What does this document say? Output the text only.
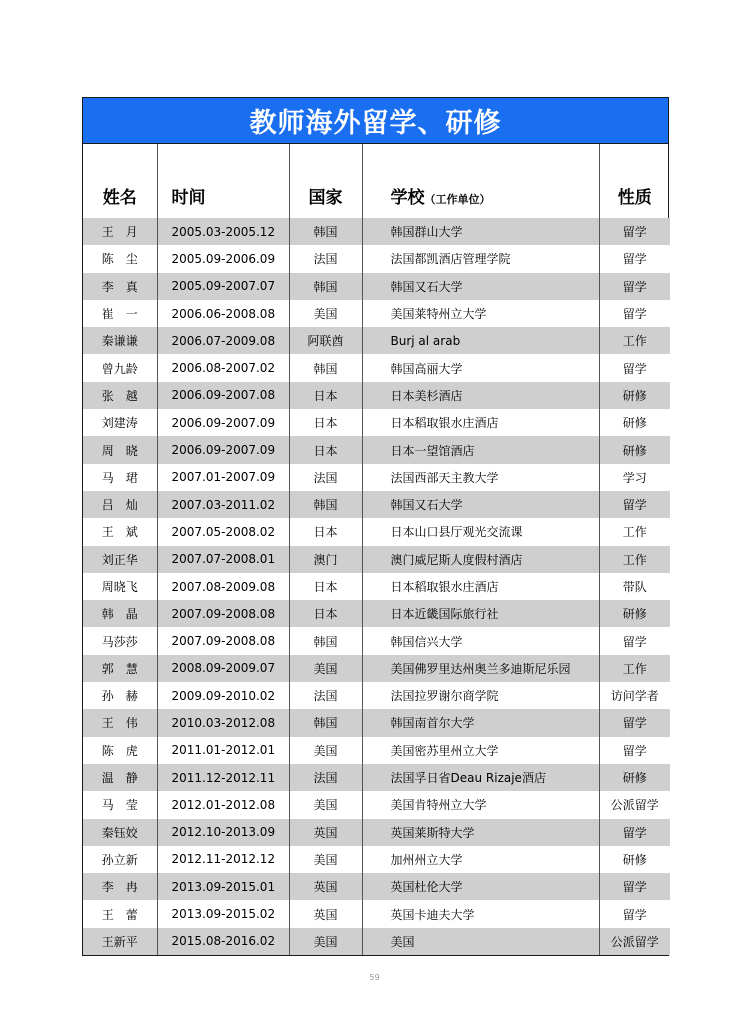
教师海外留学、研修
姓名	时间	国家	学校（工作单位）	性质
王　月	2005.03-2005.12	韩国	韩国群山大学	留学
陈　尘	2005.09-2006.09	法国	法国都凯酒店管理学院	留学
李　真	2005.09-2007.07	韩国	韩国又石大学	留学
崔　一	2006.06-2008.08	美国	美国莱特州立大学	留学
秦谦谦	2006.07-2009.08	阿联酋	Burj al arab	工作
曾九龄	2006.08-2007.02	韩国	韩国高丽大学	留学
张　越	2006.09-2007.08	日本	日本美杉酒店	研修
刘建涛	2006.09-2007.09	日本	日本稻取银水庄酒店	研修
周　晓	2006.09-2007.09	日本	日本一望馆酒店	研修
马　珺	2007.01-2007.09	法国	法国西部天主教大学	学习
吕　灿	2007.03-2011.02	韩国	韩国又石大学	留学
王　斌	2007.05-2008.02	日本	日本山口县厅观光交流课	工作
刘正华	2007.07-2008.01	澳门	澳门威尼斯人度假村酒店	工作
周晓飞	2007.08-2009.08	日本	日本稻取银水庄酒店	带队
韩　晶	2007.09-2008.08	日本	日本近畿国际旅行社	研修
马莎莎	2007.09-2008.08	韩国	韩国信兴大学	留学
郭　慧	2008.09-2009.07	美国	美国佛罗里达州奥兰多迪斯尼乐园	工作
孙　赫	2009.09-2010.02	法国	法国拉罗谢尔商学院	访问学者
王　伟	2010.03-2012.08	韩国	韩国南首尔大学	留学
陈　虎	2011.01-2012.01	美国	美国密苏里州立大学	留学
温　静	2011.12-2012.11	法国	法国孚日省Deau Rizaje酒店	研修
马　莹	2012.01-2012.08	美国	美国肯特州立大学	公派留学
秦钰姣	2012.10-2013.09	英国	英国莱斯特大学	留学
孙立新	2012.11-2012.12	美国	加州州立大学	研修
李　冉	2013.09-2015.01	英国	英国杜伦大学	留学
王　蕾	2013.09-2015.02	英国	英国卡迪夫大学	留学
王新平	2015.08-2016.02	美国	美国	公派留学
59
